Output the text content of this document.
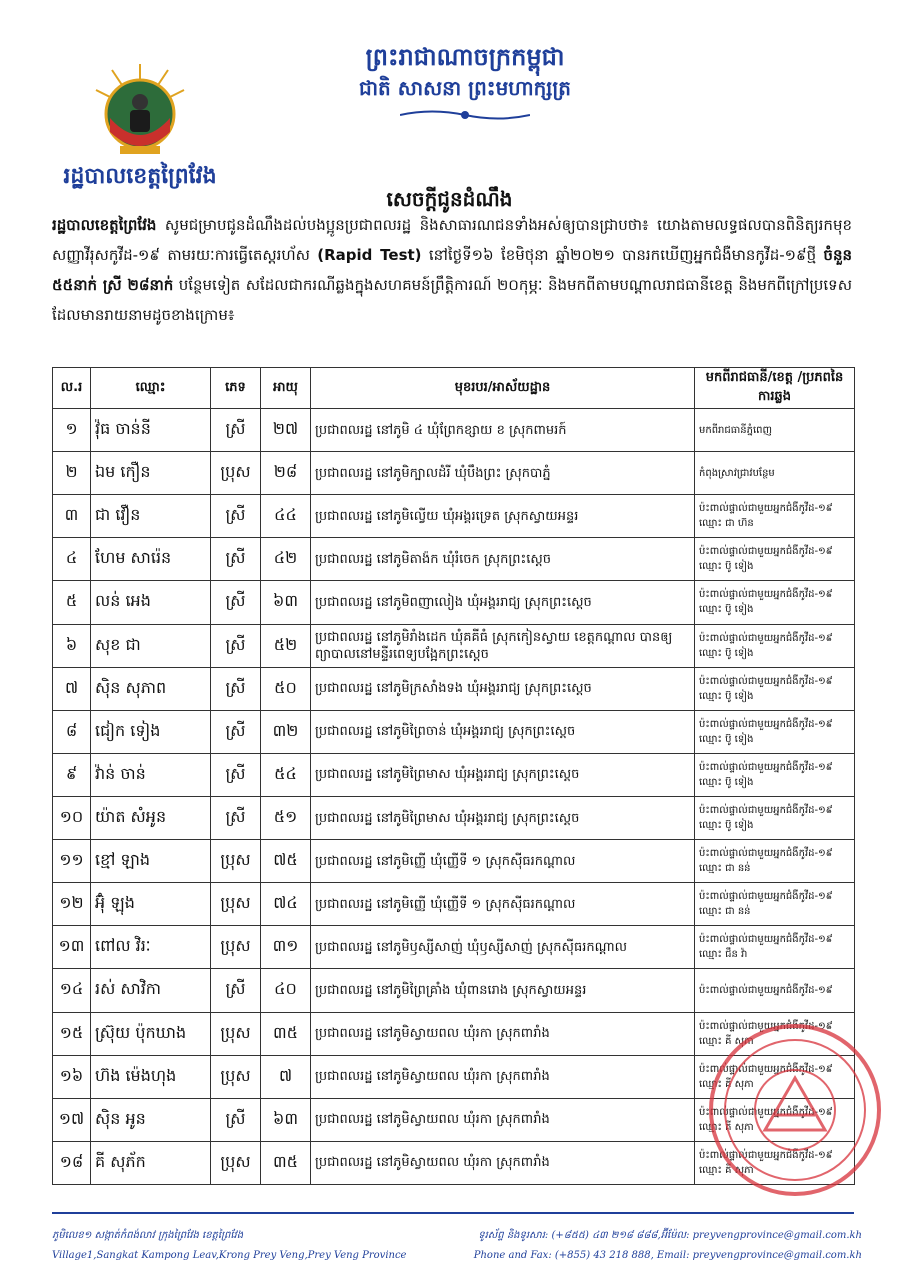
រដ្ឋបាលខេត្តព្រៃវែង
ព្រះរាជាណាចក្រកម្ពុជា
ជាតិ សាសនា ព្រះមហាក្សត្រ
សេចក្តីជូនដំណឹង
រដ្ឋបាលខេត្តព្រៃវែង សូមជម្រាបជូនដំណឹងដល់បងប្អូនប្រជាពលរដ្ឋ និងសាធារណជនទាំងអស់ឲ្យបានជ្រាបថា៖ យោងតាមលទ្ធផលបានពិនិត្យរកមុខសញ្ញាវីរុសកូវីដ-១៩ តាមរយៈការធ្វើតេស្តរហ័ស (Rapid Test) នៅថ្ងៃទី១៦ ខែមិថុនា ឆ្នាំ២០២១ បានរកឃើញអ្នកជំងឺមានកូវីដ-១៩ថ្មី ចំនួន ៥៥នាក់ ស្រី ២៨នាក់ បន្ថែមទៀត សដែលជាករណីឆ្លងក្នុងសហគមន៍ព្រឹត្តិការណ៍ ២០កុម្ភៈ និងមកពីតាមបណ្តាលរាជធានីខេត្ត និងមកពីក្រៅប្រទេស ដែលមានរាយនាមដូចខាងក្រោម៖
ល.រ	ឈ្មោះ	ភេទ	អាយុ	មុខរបរ/អាស័យដ្ឋាន	មកពីរាជធានី/ខេត្ត /ប្រភពនៃការឆ្លង
១	វ៉ុធ ចាន់នី	ស្រី	២៧	ប្រជាពលរដ្ឋ នៅភូមិ ៤ ឃុំព្រែកខ្សាយ ខ ស្រុកពាមរក៍	មកពីរាជធានីភ្នំពេញ
២	ឯម កឿន	ប្រុស	២៨	ប្រជាពលរដ្ឋ នៅភូមិក្បាលដំរី ឃុំបឹងព្រះ ស្រុកបាភ្នំ	កំពុងស្រាវជ្រាវបន្ថែម
៣	ជា វឿន	ស្រី	៤៤	ប្រជាពលរដ្ឋ នៅភូមិល្វើយ ឃុំអង្គរទ្រេត ស្រុកស្វាយអន្ទរ	ប៉ះពាល់ផ្ទាល់ជាមួយអ្នកជំងឺកូវីដ-១៩ ឈ្មោះ ជា ហ៊ន
៤	ហែម សារ៉េន	ស្រី	៤២	ប្រជាពលរដ្ឋ នៅភូមិតាង៉ក ឃុំរំចេក ស្រុកព្រះស្តេច	ប៉ះពាល់ផ្ទាល់ជាមួយអ្នកជំងឺកូវីដ-១៩ ឈ្មោះ ប៊ូ ទៀង
៥	លន់ អេង	ស្រី	៦៣	ប្រជាពលរដ្ឋ នៅភូមិពញាលៀង ឃុំអង្គររាជ្យ ស្រុកព្រះស្តេច	ប៉ះពាល់ផ្ទាល់ជាមួយអ្នកជំងឺកូវីដ-១៩ ឈ្មោះ ប៊ូ ទៀង
៦	សុខ ជា	ស្រី	៥២	ប្រជាពលរដ្ឋ នៅភូមិរាំងដេក ឃុំគគីធំ ស្រុកកៀនស្វាយ ខេត្តកណ្តាល បានឲ្យព្យាបាលនៅមន្ទីរពេទ្យបង្អែកព្រះស្តេច	ប៉ះពាល់ផ្ទាល់ជាមួយអ្នកជំងឺកូវីដ-១៩ ឈ្មោះ ប៊ូ ទៀង
៧	ស៊ិន សុភាព	ស្រី	៥០	ប្រជាពលរដ្ឋ នៅភូមិក្រសាំងទង ឃុំអង្គររាជ្យ ស្រុកព្រះស្តេច	ប៉ះពាល់ផ្ទាល់ជាមួយអ្នកជំងឺកូវីដ-១៩ ឈ្មោះ ប៊ូ ទៀង
៨	ជៀក ទៀង	ស្រី	៣២	ប្រជាពលរដ្ឋ នៅភូមិព្រៃចាន់ ឃុំអង្គររាជ្យ ស្រុកព្រះស្តេច	ប៉ះពាល់ផ្ទាល់ជាមួយអ្នកជំងឺកូវីដ-១៩ ឈ្មោះ ប៊ូ ទៀង
៩	វ៉ាន់ ចាន់	ស្រី	៥៤	ប្រជាពលរដ្ឋ នៅភូមិព្រៃមាស ឃុំអង្គររាជ្យ ស្រុកព្រះស្តេច	ប៉ះពាល់ផ្ទាល់ជាមួយអ្នកជំងឺកូវីដ-១៩ ឈ្មោះ ប៊ូ ទៀង
១០	យ៉ាត សំអូន	ស្រី	៥១	ប្រជាពលរដ្ឋ នៅភូមិព្រៃមាស ឃុំអង្គររាជ្យ ស្រុកព្រះស្តេច	ប៉ះពាល់ផ្ទាល់ជាមួយអ្នកជំងឺកូវីដ-១៩ ឈ្មោះ ប៊ូ ទៀង
១១	ខ្មៅ ឡាង	ប្រុស	៧៥	ប្រជាពលរដ្ឋ នៅភូមិញ្ញើ ឃុំញ្ញើទី ១ ស្រុកស៊ីធរកណ្តាល	ប៉ះពាល់ផ្ទាល់ជាមួយអ្នកជំងឺកូវីដ-១៩ ឈ្មោះ ជា នន់
១២	អ៊ុំ ឡុង	ប្រុស	៧៤	ប្រជាពលរដ្ឋ នៅភូមិញ្ញើ ឃុំញ្ញើទី ១ ស្រុកស៊ីធរកណ្តាល	ប៉ះពាល់ផ្ទាល់ជាមួយអ្នកជំងឺកូវីដ-១៩ ឈ្មោះ ជា នន់
១៣	ពៅល វិរៈ	ប្រុស	៣១	ប្រជាពលរដ្ឋ នៅភូមិឫស្សីសាញ់ ឃុំឫស្សីសាញ់ ស្រុកស៊ីធរកណ្តាល	ប៉ះពាល់ផ្ទាល់ជាមួយអ្នកជំងឺកូវីដ-១៩ ឈ្មោះ ជឹន វ៉ា
១៤	រស់ សាវិកា	ស្រី	៤០	ប្រជាពលរដ្ឋ នៅភូមិព្រៃគ្រាំង ឃុំពានរោង ស្រុកស្វាយអន្ទរ	ប៉ះពាល់ផ្ទាល់ជាមួយអ្នកជំងឺកូវីដ-១៩
១៥	ស្រ៊ុយ ប៉ុកឃាង	ប្រុស	៣៥	ប្រជាពលរដ្ឋ នៅភូមិស្វាយពល ឃុំរកា ស្រុកពារាំង	ប៉ះពាល់ផ្ទាល់ជាមួយអ្នកជំងឺកូវីដ-១៩ ឈ្មោះ គី សុភា
១៦	ហ៊ង ម៉េងហុង	ប្រុស	៧	ប្រជាពលរដ្ឋ នៅភូមិស្វាយពល ឃុំរកា ស្រុកពារាំង	ប៉ះពាល់ផ្ទាល់ជាមួយអ្នកជំងឺកូវីដ-១៩ ឈ្មោះ គី សុភា
១៧	ស៊ិន អូន	ស្រី	៦៣	ប្រជាពលរដ្ឋ នៅភូមិស្វាយពល ឃុំរកា ស្រុកពារាំង	ប៉ះពាល់ផ្ទាល់ជាមួយអ្នកជំងឺកូវីដ-១៩ ឈ្មោះ គី សុភា
១៨	គី សុភ័ក	ប្រុស	៣៥	ប្រជាពលរដ្ឋ នៅភូមិស្វាយពល ឃុំរកា ស្រុកពារាំង	ប៉ះពាល់ផ្ទាល់ជាមួយអ្នកជំងឺកូវីដ-១៩ ឈ្មោះ គី សុភា
ភូមិលេខ១ សង្កាត់កំពង់លាវ ក្រុងព្រៃវែង ខេត្តព្រៃវែង
Village1,Sangkat Kampong Leav,Krong Prey Veng,Prey Veng Province
ទូរស័ព្ទ និងទូរសារ: (+៨៥៥) ៤៣ ២១៨ ៨៨៨,អ៊ីម៉ែល: preyvengprovince@gmail.com.kh
Phone and Fax: (+855) 43 218 888, Email: preyvengprovince@gmail.com.kh
